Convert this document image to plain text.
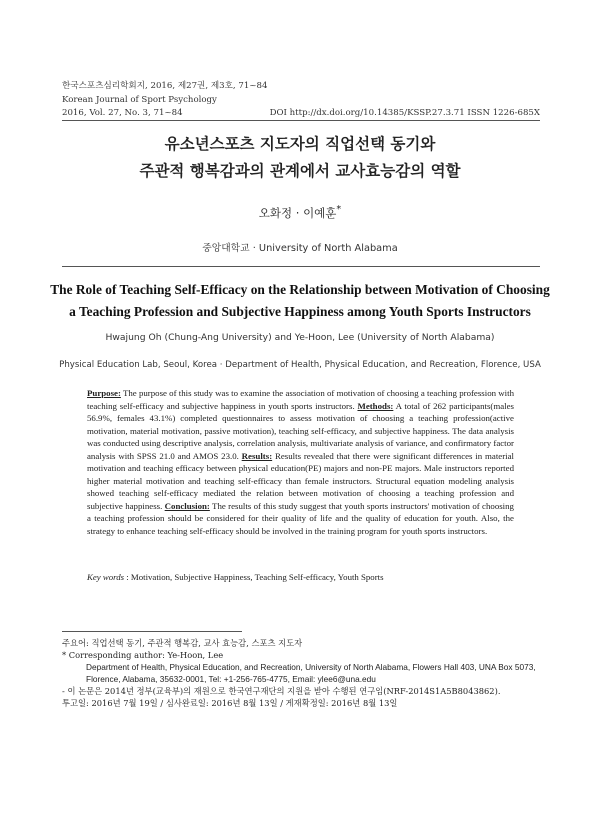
한국스포츠심리학회지, 2016, 제27권, 제3호, 71~84
Korean Journal of Sport Psychology
2016, Vol. 27, No. 3, 71~84	DOI http://dx.doi.org/10.14385/KSSP.27.3.71 ISSN 1226-685X
유소년스포츠 지도자의 직업선택 동기와
주관적 행복감과의 관계에서 교사효능감의 역할
오화정 · 이예훈*
중앙대학교 · University of North Alabama
The Role of Teaching Self-Efficacy on the Relationship between Motivation of Choosing
a Teaching Profession and Subjective Happiness among Youth Sports Instructors
Hwajung Oh (Chung-Ang University) and Ye-Hoon, Lee (University of North Alabama)
Physical Education Lab, Seoul, Korea · Department of Health, Physical Education, and Recreation, Florence, USA
Purpose: The purpose of this study was to examine the association of motivation of choosing a teaching profession with teaching self-efficacy and subjective happiness in youth sports instructors. Methods: A total of 262 participants(males 56.9%, females 43.1%) completed questionnaires to assess motivation of choosing a teaching profession(active motivation, material motivation, passive motivation), teaching self-efficacy, and subjective happiness. The data analysis was conducted using descriptive analysis, correlation analysis, multivariate analysis of variance, and confirmatory factor analysis with SPSS 21.0 and AMOS 23.0. Results: Results revealed that there were significant differences in material motivation and teaching efficacy between physical education(PE) majors and non-PE majors. Male instructors reported higher material motivation and teaching self-efficacy than female instructors. Structural equation modeling analysis showed teaching self-efficacy mediated the relation between motivation of choosing a teaching profession and subjective happiness. Conclusion: The results of this study suggest that youth sports instructors' motivation of choosing a teaching profession should be considered for their quality of life and the quality of education for youth. Also, the strategy to enhance teaching self-efficacy should be involved in the training program for youth sports instructors.
Key words : Motivation, Subjective Happiness, Teaching Self-efficacy, Youth Sports
주요어: 직업선택 동기, 주관적 행복감, 교사 효능감, 스포츠 지도자
* Corresponding author: Ye-Hoon, Lee
Department of Health, Physical Education, and Recreation, University of North Alabama, Flowers Hall 403, UNA Box 5073,
Florence, Alabama, 35632-0001, Tel: +1-256-765-4775, Email: ylee6@una.edu
- 이 논문은 2014년 정부(교육부)의 재원으로 한국연구재단의 지원을 받아 수행된 연구임(NRF-2014S1A5B8043862).
투고일: 2016년 7월 19일 / 심사완료일: 2016년 8월 13일 / 게재확정일: 2016년 8월 13일
